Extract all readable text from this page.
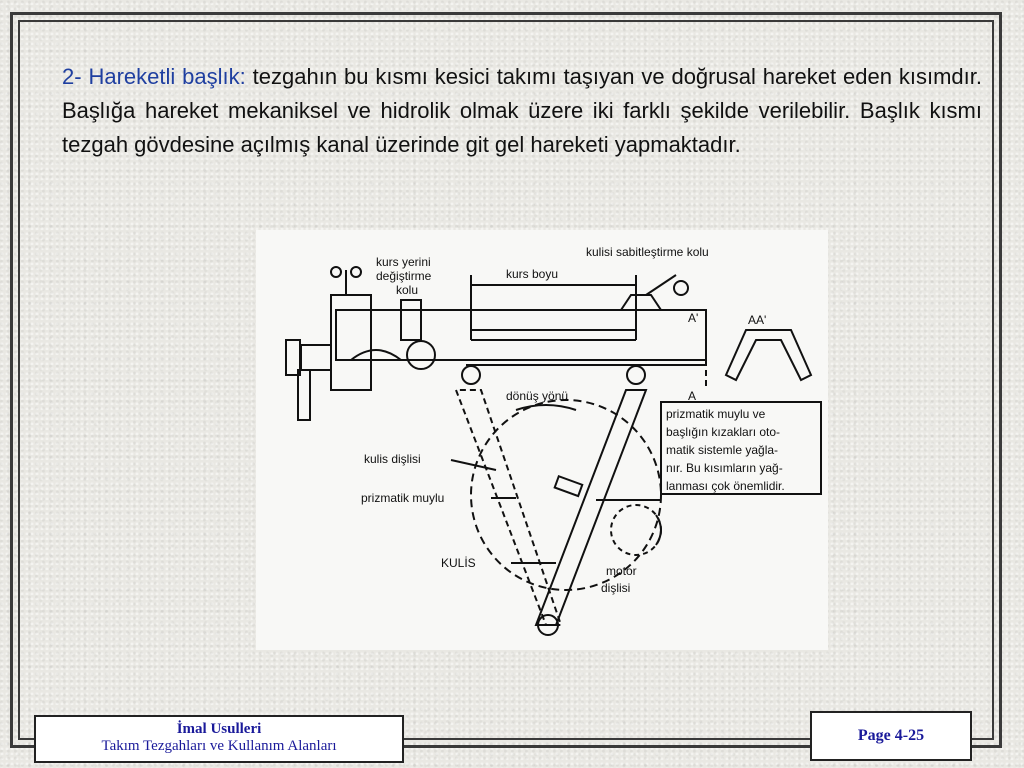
2- Hareketli başlık: tezgahın bu kısmı kesici takımı taşıyan ve doğrusal hareket eden kısımdır. Başlığa hareket mekaniksel ve hidrolik olmak üzere iki farklı şekilde verilebilir. Başlık kısmı tezgah gövdesine açılmış kanal üzerinde git gel hareketi yapmaktadır.
kurs yerini
değiştirme
kolu
kurs boyu
kulisi sabitleştirme kolu
A'	AA'
A
dönüş yönü
kulis dişlisi
prizmatik muylu
KULİS
motor
dişlisi
prizmatik muylu ve
başlığın kızakları oto-
matik sistemle yağla-
nır. Bu kısımların yağ-
lanması çok önemlidir.
İmal Usulleri
Takım Tezgahları ve Kullanım Alanları
Page 4-25
